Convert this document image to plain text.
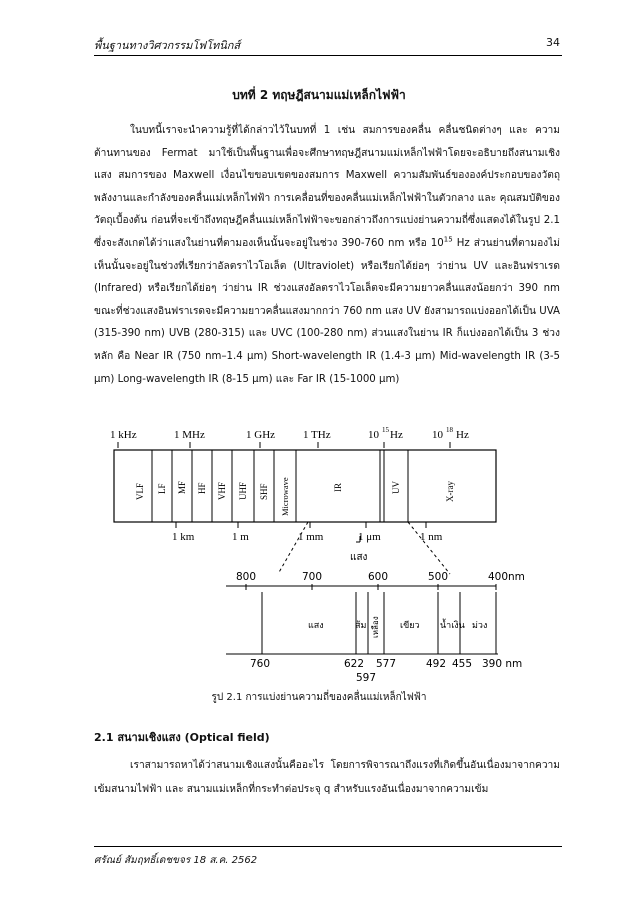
พื้นฐานทางวิศวกรรมโฟโทนิกส์	34
บทที่ 2 ทฤษฎีสนามแม่เหล็กไฟฟ้า
ในบทนี้เราจะนำความรู้ที่ได้กล่าวไว้ในบทที่ 1 เช่น สมการของคลื่น คลื่นชนิดต่างๆ และ ความต้านทานของ Fermat มาใช้เป็นพื้นฐานเพื่อจะศึกษาทฤษฎีสนามแม่เหล็กไฟฟ้าโดยจะอธิบายถึงสนามเชิงแสง สมการของ Maxwell เงื่อนไขขอบเขตของสมการ Maxwell ความสัมพันธ์ขององค์ประกอบของวัตถุ พลังงานและกำลังของคลื่นแม่เหล็กไฟฟ้า การเคลื่อนที่ของคลื่นแม่เหล็กไฟฟ้าในตัวกลาง และ คุณสมบัติของวัตถุเบื้องต้น ก่อนที่จะเข้าถึงทฤษฎีคลื่นแม่เหล็กไฟฟ้าจะขอกล่าวถึงการแบ่งย่านความถี่ซึ่งแสดงได้ในรูป 2.1 ซึ่งจะสังเกตได้ว่าแสงในย่านที่ตามองเห็นนั้นจะอยู่ในช่วง 390-760 nm หรือ $10^{15}$ Hz ส่วนย่านที่ตามองไม่เห็นนั้นจะอยู่ในช่วงที่เรียกว่าอัลตราไวโอเล็ต (Ultraviolet) หรือเรียกได้ย่อๆ ว่าย่าน UV และอินฟราเรด (Infrared) หรือเรียกได้ย่อๆ ว่าย่าน IR ช่วงแสงอัลตราไวโอเล็ตจะมีความยาวคลื่นแสงน้อยกว่า 390 nm ขณะที่ช่วงแสงอินฟราเรดจะมีความยาวคลื่นแสงมากกว่า 760 nm แสง UV ยังสามารถแบ่งออกได้เป็น UVA (315-390 nm) UVB (280-315) และ UVC (100-280 nm) ส่วนแสงในย่าน IR ก็แบ่งออกได้เป็น 3 ช่วงหลัก คือ Near IR (750 nm–1.4 μm) Short-wavelength IR (1.4-3 μm) Mid-wavelength IR (3-5 μm) Long-wavelength IR (8-15 μm) และ Far IR (15-1000 μm)
1 kHz	1 MHz	1 GHz	1 THz	10 15 Hz	10 18 Hz
VLF LF MF HF VHF UHF SHF Microwave	IR	UV	X-ray
1 km	1 m	1 mm	1 μm	1 nm
แสง
800	700	600	500	400 nm
แสง	ส้ม เหลือง เขียว น้ำเงิน ม่วง
760	622 577	492 455 390 nm
597
รูป 2.1 การแบ่งย่านความถี่ของคลื่นแม่เหล็กไฟฟ้า
2.1 สนามเชิงแสง (Optical field)
เราสามารถหาได้ว่าสนามเชิงแสงนั้นคืออะไร โดยการพิจารณาถึงแรงที่เกิดขึ้นอันเนื่องมาจากความเข้มสนามไฟฟ้า และ สนามแม่เหล็กที่กระทำต่อประจุ q สำหรับแรงอันเนื่องมาจากความเข้ม
ศรัณย์ สัมฤทธิ์เดชขจร 18 ส.ค. 2562
